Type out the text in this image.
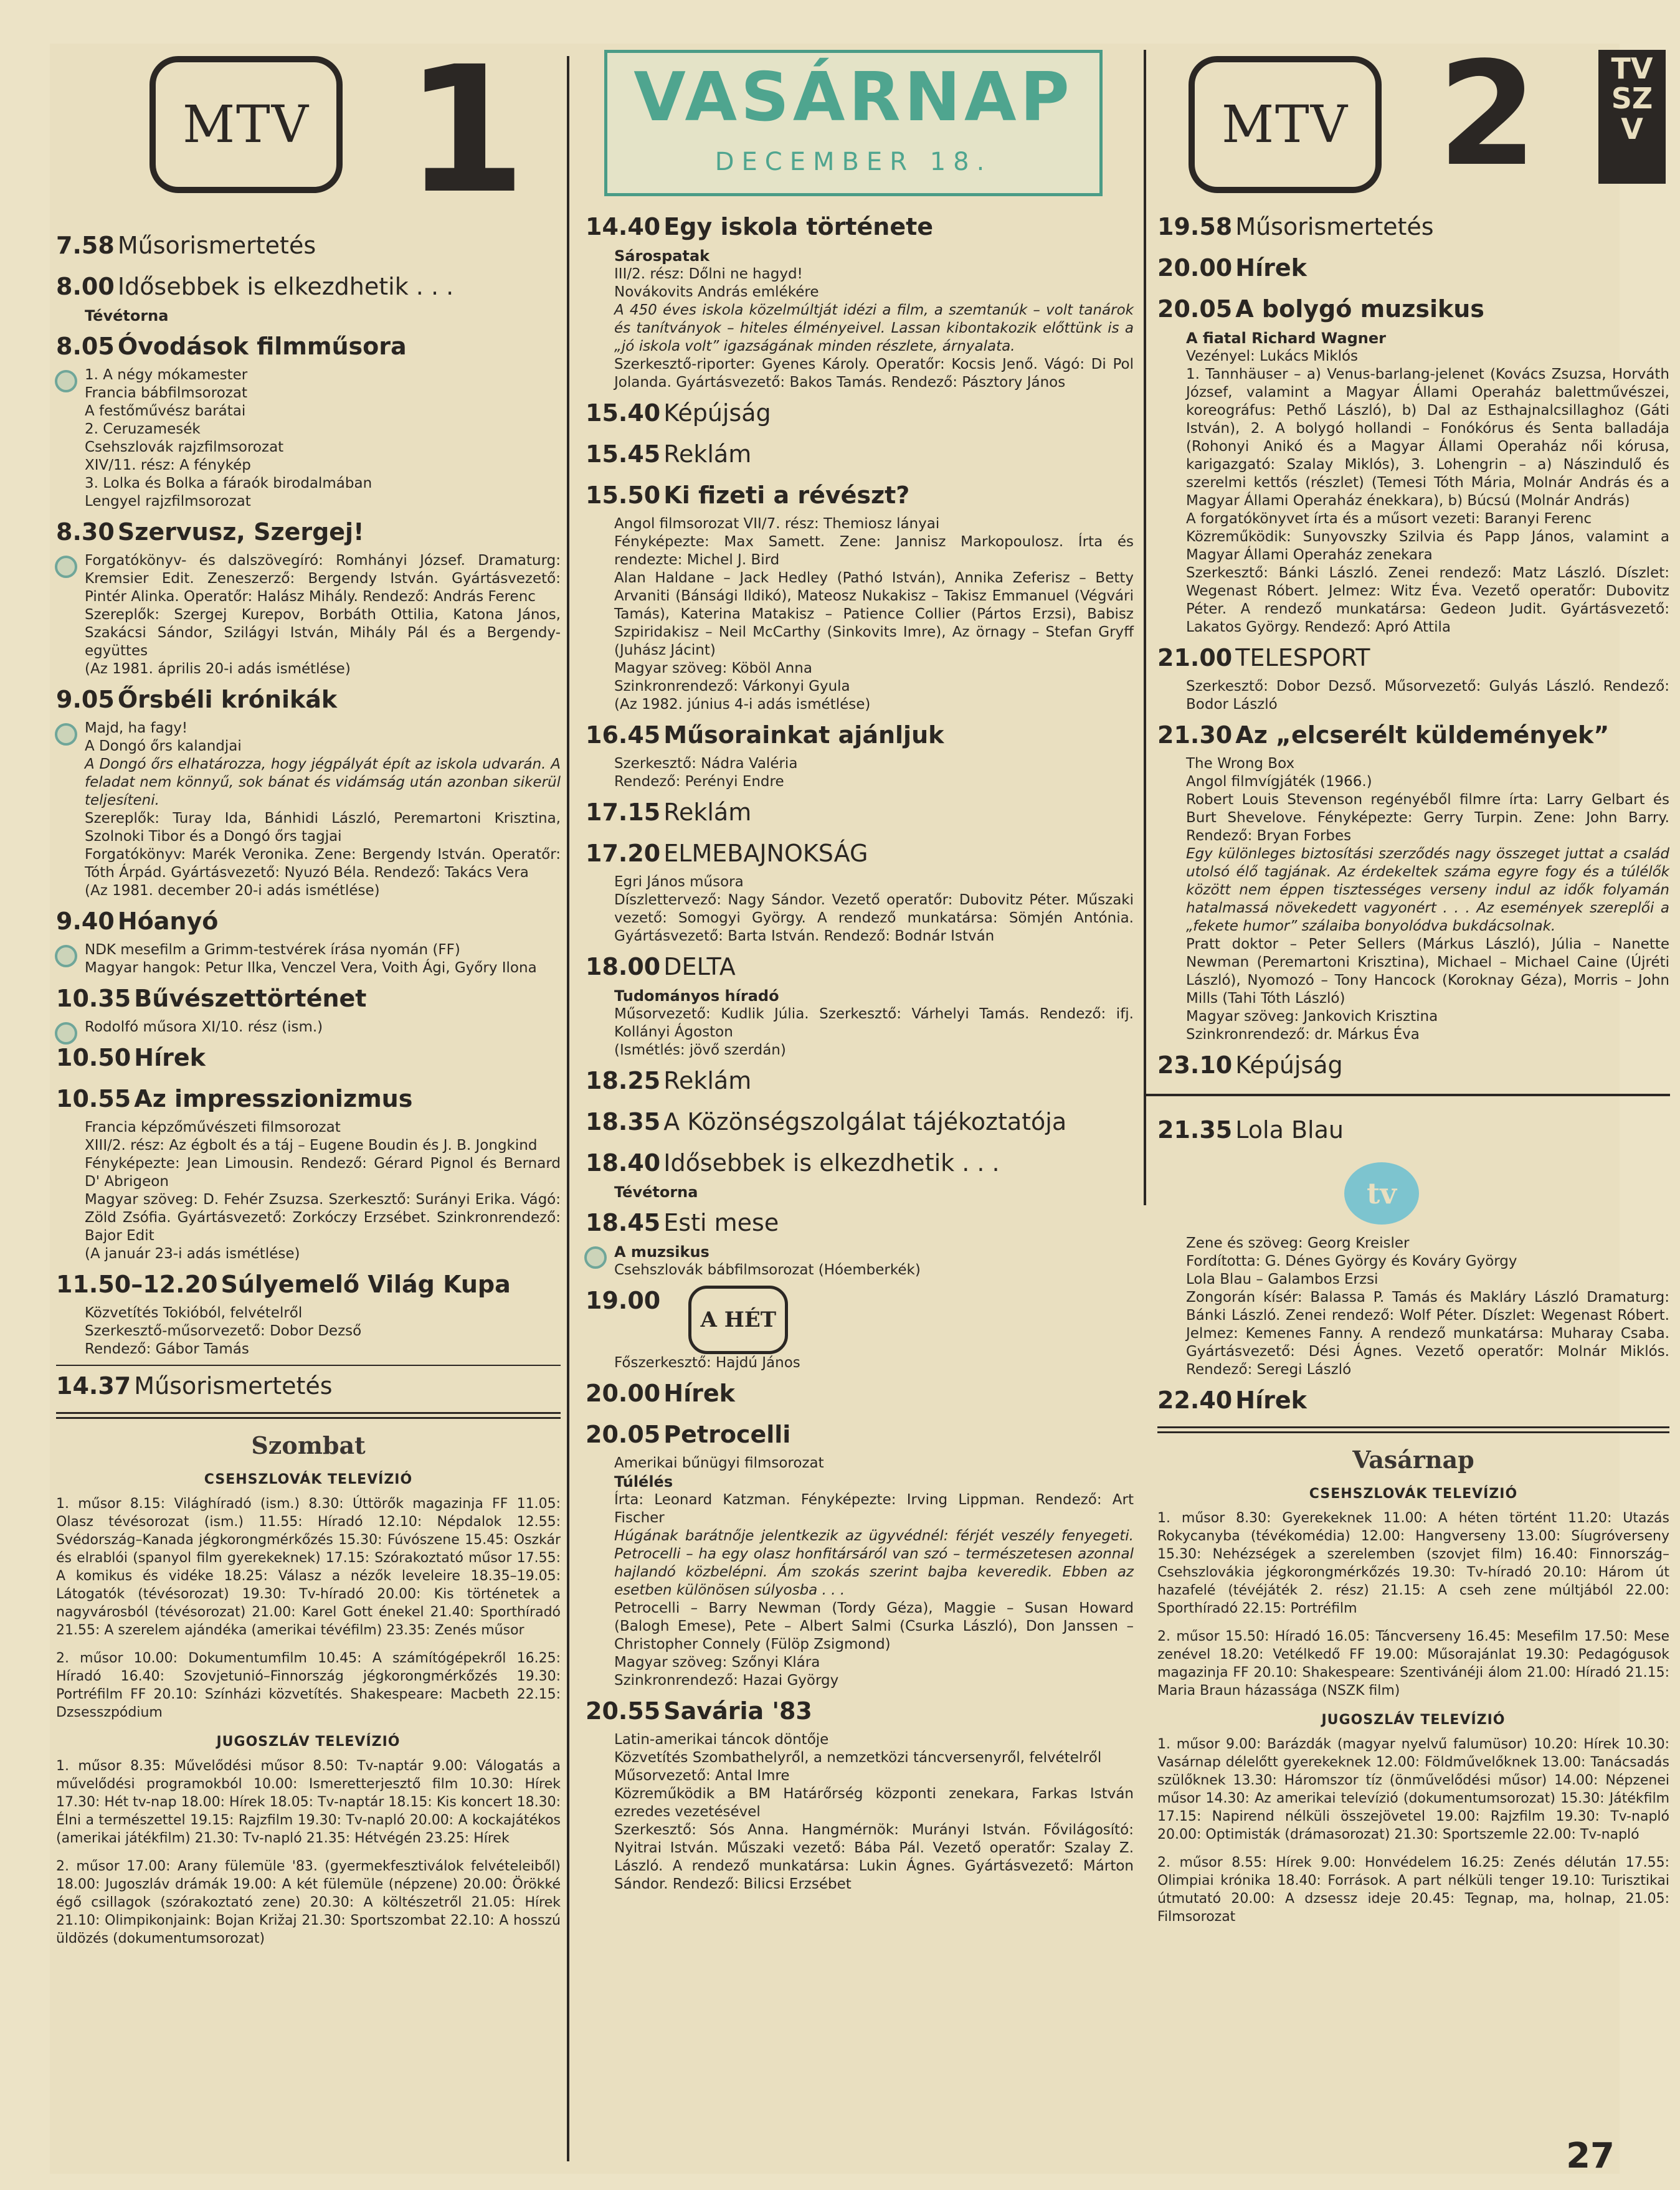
MTV 1
7.58 Műsorismertetés
8.00 Idősebbek is elkezdhetik . . .
Tévétorna
8.05 Óvodások filmműsora
1. A négy mókamester
Francia bábfilmsorozat
A festőművész barátai
2. Ceruzamesék
Csehszlovák rajzfilmsorozat
XIV/11. rész: A fénykép
3. Lolka és Bolka a fáraók birodalmában
Lengyel rajzfilmsorozat
8.30 Szervusz, Szergej!
Forgatókönyv- és dalszövegíró: Romhányi József. Dramaturg: Kremsier Edit. Zeneszerző: Bergendy István. Gyártásvezető: Pintér Alinka. Operatőr: Halász Mihály. Rendező: András Ferenc
Szereplők: Szergej Kurepov, Borbáth Ottilia, Katona János, Szakácsi Sándor, Szilágyi István, Mihály Pál és a Bergendy-együttes
(Az 1981. április 20-i adás ismétlése)
9.05 Őrsbéli krónikák
Majd, ha fagy!
A Dongó őrs kalandjai
A Dongó őrs elhatározza, hogy jégpályát épít az iskola udvarán. A feladat nem könnyű, sok bánat és vidámság után azonban sikerül teljesíteni.
Szereplők: Turay Ida, Bánhidi László, Peremartoni Krisztina, Szolnoki Tibor és a Dongó őrs tagjai
Forgatókönyv: Marék Veronika. Zene: Bergendy István. Operatőr: Tóth Árpád. Gyártásvezető: Nyuzó Béla. Rendező: Takács Vera
(Az 1981. december 20-i adás ismétlése)
9.40 Hóanyó
NDK mesefilm a Grimm-testvérek írása nyomán (FF)
Magyar hangok: Petur Ilka, Venczel Vera, Voith Ági, Győry Ilona
10.35 Bűvészettörténet
Rodolfó műsora XI/10. rész (ism.)
10.50 Hírek
10.55 Az impresszionizmus
Francia képzőművészeti filmsorozat
XIII/2. rész: Az égbolt és a táj – Eugene Boudin és J. B. Jongkind
Fényképezte: Jean Limousin. Rendező: Gérard Pignol és Bernard D' Abrigeon
Magyar szöveg: D. Fehér Zsuzsa. Szerkesztő: Surányi Erika. Vágó: Zöld Zsófia. Gyártásvezető: Zorkóczy Erzsébet. Szinkronrendező: Bajor Edit
(A január 23-i adás ismétlése)
11.50–12.20 Súlyemelő Világ Kupa
Közvetítés Tokióból, felvételről
Szerkesztő-műsorvezető: Dobor Dezső
Rendező: Gábor Tamás
14.37 Műsorismertetés
Szombat
CSEHSZLOVÁK TELEVÍZIÓ
1. műsor 8.15: Világhíradó (ism.) 8.30: Úttörők magazinja FF 11.05: Olasz tévésorozat (ism.) 11.55: Híradó 12.10: Népdalok 12.55: Svédország–Kanada jégkorongmérkőzés 15.30: Fúvószene 15.45: Oszkár és elrablói (spanyol film gyerekeknek) 17.15: Szórakoztató műsor 17.55: A komikus és vidéke 18.25: Válasz a nézők leveleire 18.35–19.05: Látogatók (tévésorozat) 19.30: Tv-híradó 20.00: Kis történetek a nagyvárosból (tévésorozat) 21.00: Karel Gott énekel 21.40: Sporthíradó 21.55: A szerelem ajándéka (amerikai tévéfilm) 23.35: Zenés műsor
2. műsor 10.00: Dokumentumfilm 10.45: A számítógépekről 16.25: Híradó 16.40: Szovjetunió–Finnország jégkorongmérkőzés 19.30: Portréfilm FF 20.10: Színházi közvetítés. Shakespeare: Macbeth 22.15: Dzsesszpódium
JUGOSZLÁV TELEVÍZIÓ
1. műsor 8.35: Művelődési műsor 8.50: Tv-naptár 9.00: Válogatás a művelődési programokból 10.00: Ismeretterjesztő film 10.30: Hírek 17.30: Hét tv-nap 18.00: Hírek 18.05: Tv-naptár 18.15: Kis koncert 18.30: Élni a természettel 19.15: Rajzfilm 19.30: Tv-napló 20.00: A kockajátékos (amerikai játékfilm) 21.30: Tv-napló 21.35: Hétvégén 23.25: Hírek
2. műsor 17.00: Arany fülemüle '83. (gyermekfesztiválok felvételeiből) 18.00: Jugoszláv drámák 19.00: A két fülemüle (népzene) 20.00: Örökké égő csillagok (szórakoztató zene) 20.30: A költészetről 21.05: Hírek 21.10: Olimpikonjaink: Bojan Križaj 21.30: Sportszombat 22.10: A hosszú üldözés (dokumentumsorozat)
VASÁRNAP
DECEMBER 18.
14.40 Egy iskola története
Sárospatak
III/2. rész: Dőlni ne hagyd!
Novákovits András emlékére
A 450 éves iskola közelmúltját idézi a film, a szemtanúk – volt tanárok és tanítványok – hiteles élményeivel. Lassan kibontakozik előttünk is a „jó iskola volt” igazságának minden részlete, árnyalata.
Szerkesztő-riporter: Gyenes Károly. Operatőr: Kocsis Jenő. Vágó: Di Pol Jolanda. Gyártásvezető: Bakos Tamás. Rendező: Pásztory János
15.40 Képújság
15.45 Reklám
15.50 Ki fizeti a révészt?
Angol filmsorozat VII/7. rész: Themiosz lányai
Fényképezte: Max Samett. Zene: Jannisz Markopoulosz. Írta és rendezte: Michel J. Bird
Alan Haldane – Jack Hedley (Pathó István), Annika Zeferisz – Betty Arvaniti (Bánsági Ildikó), Mateosz Nukakisz – Takisz Emmanuel (Végvári Tamás), Katerina Matakisz – Patience Collier (Pártos Erzsi), Babisz Szpiridakisz – Neil McCarthy (Sinkovits Imre), Az örnagy – Stefan Gryff (Juhász Jácint)
Magyar szöveg: Köböl Anna
Szinkronrendező: Várkonyi Gyula
(Az 1982. június 4-i adás ismétlése)
16.45 Műsorainkat ajánljuk
Szerkesztő: Nádra Valéria
Rendező: Perényi Endre
17.15 Reklám
17.20 ELMEBAJNOKSÁG
Egri János műsora
Díszlettervező: Nagy Sándor. Vezető operatőr: Dubovitz Péter. Műszaki vezető: Somogyi György. A rendező munkatársa: Sömjén Antónia. Gyártásvezető: Barta István. Rendező: Bodnár István
18.00 DELTA
Tudományos híradó
Műsorvezető: Kudlik Júlia. Szerkesztő: Várhelyi Tamás. Rendező: ifj. Kollányi Ágoston
(Ismétlés: jövő szerdán)
18.25 Reklám
18.35 A Közönségszolgálat tájékoztatója
18.40 Idősebbek is elkezdhetik . . .
Tévétorna
18.45 Esti mese
A muzsikus
Csehszlovák bábfilmsorozat (Hóemberkék)
19.00 A HÉT
Főszerkesztő: Hajdú János
20.00 Hírek
20.05 Petrocelli
Amerikai bűnügyi filmsorozat
Túlélés
Írta: Leonard Katzman. Fényképezte: Irving Lippman. Rendező: Art Fischer
Húgának barátnője jelentkezik az ügyvédnél: férjét veszély fenyegeti. Petrocelli – ha egy olasz honfitársáról van szó – természetesen azonnal hajlandó közbelépni. Ám szokás szerint bajba keveredik. Ebben az esetben különösen súlyosba . . .
Petrocelli – Barry Newman (Tordy Géza), Maggie – Susan Howard (Balogh Emese), Pete – Albert Salmi (Csurka László), Don Janssen – Christopher Connely (Fülöp Zsigmond)
Magyar szöveg: Szőnyi Klára
Szinkronrendező: Hazai György
20.55 Savária '83
Latin-amerikai táncok döntője
Közvetítés Szombathelyről, a nemzetközi táncversenyről, felvételről
Műsorvezető: Antal Imre
Közreműködik a BM Határőrség központi zenekara, Farkas István ezredes vezetésével
Szerkesztő: Sós Anna. Hangmérnök: Murányi István. Fővilágosító: Nyitrai István. Műszaki vezető: Bába Pál. Vezető operatőr: Szalay Z. László. A rendező munkatársa: Lukin Ágnes. Gyártásvezető: Márton Sándor. Rendező: Bilicsi Erzsébet
MTV 2	TV
SZ
V
19.58 Műsorismertetés
20.00 Hírek
20.05 A bolygó muzsikus
A fiatal Richard Wagner
Vezényel: Lukács Miklós
1. Tannhäuser – a) Venus-barlang-jelenet (Kovács Zsuzsa, Horváth József, valamint a Magyar Állami Operaház balettművészei, koreográfus: Pethő László), b) Dal az Esthajnalcsillaghoz (Gáti István), 2. A bolygó hollandi – Fonókórus és Senta balladája (Rohonyi Anikó és a Magyar Állami Operaház női kórusa, karigazgató: Szalay Miklós), 3. Lohengrin – a) Nászindulő és szerelmi kettős (részlet) (Temesi Tóth Mária, Molnár András és a Magyar Állami Operaház énekkara), b) Búcsú (Molnár András)
A forgatókönyvet írta és a műsort vezeti: Baranyi Ferenc
Közreműködik: Sunyovszky Szilvia és Papp János, valamint a Magyar Állami Operaház zenekara
Szerkesztő: Bánki László. Zenei rendező: Matz László. Díszlet: Wegenast Róbert. Jelmez: Witz Éva. Vezető operatőr: Dubovitz Péter. A rendező munkatársa: Gedeon Judit. Gyártásvezető: Lakatos György. Rendező: Apró Attila
21.00 TELESPORT
Szerkesztő: Dobor Dezső. Műsorvezető: Gulyás László. Rendező: Bodor László
21.30 Az „elcserélt küldemények”
The Wrong Box
Angol filmvígjáték (1966.)
Robert Louis Stevenson regényéből filmre írta: Larry Gelbart és Burt Shevelove. Fényképezte: Gerry Turpin. Zene: John Barry. Rendező: Bryan Forbes
Egy különleges biztosítási szerződés nagy összeget juttat a család utolsó élő tagjának. Az érdekeltek száma egyre fogy és a túlélők között nem éppen tisztességes verseny indul az idők folyamán hatalmassá növekedett vagyonért . . . Az események szereplői a „fekete humor” szálaiba bonyolódva bukdácsolnak.
Pratt doktor – Peter Sellers (Márkus László), Júlia – Nanette Newman (Peremartoni Krisztina), Michael – Michael Caine (Újréti László), Nyomozó – Tony Hancock (Koroknay Géza), Morris – John Mills (Tahi Tóth László)
Magyar szöveg: Jankovich Krisztina
Szinkronrendező: dr. Márkus Éva
23.10 Képújság
21.35 Lola Blau
tv
Zene és szöveg: Georg Kreisler
Fordította: G. Dénes György és Kováry György
Lola Blau – Galambos Erzsi
Zongorán kísér: Balassa P. Tamás és Makláry László Dramaturg: Bánki László. Zenei rendező: Wolf Péter. Díszlet: Wegenast Róbert. Jelmez: Kemenes Fanny. A rendező munkatársa: Muharay Csaba. Gyártásvezető: Dési Ágnes. Vezető operatőr: Molnár Miklós. Rendező: Seregi László
22.40 Hírek
Vasárnap
CSEHSZLOVÁK TELEVÍZIÓ
1. műsor 8.30: Gyerekeknek 11.00: A héten történt 11.20: Utazás Rokycanyba (tévékomédia) 12.00: Hangverseny 13.00: Síugróverseny 15.30: Nehézségek a szerelemben (szovjet film) 16.40: Finnország–Csehszlovákia jégkorongmérkőzés 19.30: Tv-híradó 20.10: Három út hazafelé (tévéjáték 2. rész) 21.15: A cseh zene múltjából 22.00: Sporthíradó 22.15: Portréfilm
2. műsor 15.50: Híradó 16.05: Táncverseny 16.45: Mesefilm 17.50: Mese zenével 18.20: Vetélkedő FF 19.00: Műsorajánlat 19.30: Pedagógusok magazinja FF 20.10: Shakespeare: Szentivánéji álom 21.00: Híradó 21.15: Maria Braun házassága (NSZK film)
JUGOSZLÁV TELEVÍZIÓ
1. műsor 9.00: Barázdák (magyar nyelvű falumüsor) 10.20: Hírek 10.30: Vasárnap délelőtt gyerekeknek 12.00: Földművelőknek 13.00: Tanácsadás szülőknek 13.30: Háromszor tíz (önművelődési műsor) 14.00: Népzenei műsor 14.30: Az amerikai televízió (dokumentumsorozat) 15.30: Játékfilm 17.15: Napirend nélküli összejövetel 19.00: Rajzfilm 19.30: Tv-napló 20.00: Optimisták (drámasorozat) 21.30: Sportszemle 22.00: Tv-napló
2. műsor 8.55: Hírek 9.00: Honvédelem 16.25: Zenés délután 17.55: Olimpiai krónika 18.40: Források. A part nélküli tenger 19.10: Turisztikai útmutató 20.00: A dzsessz ideje 20.45: Tegnap, ma, holnap, 21.05: Filmsorozat
27
